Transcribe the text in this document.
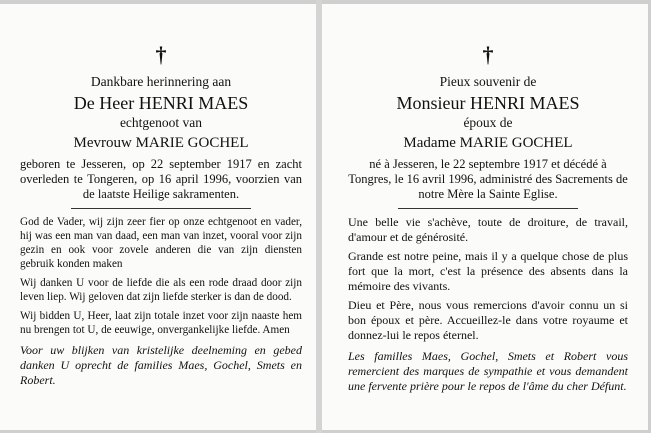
†
Dankbare herinnering aan
De Heer HENRI MAES
echtgenoot van
Mevrouw MARIE GOCHEL
geboren te Jesseren, op 22 september 1917 en zacht overleden te Tongeren, op 16 april 1996, voorzien van de laatste Heilige sakramenten.

God de Vader, wij zijn zeer fier op onze echtgenoot en vader, hij was een man van daad, een man van inzet, vooral voor zijn gezin en ook voor zovele anderen die van zijn diensten gebruik konden maken

Wij danken U voor de liefde die als een rode draad door zijn leven liep. Wij geloven dat zijn liefde sterker is dan de dood.

Wij bidden U, Heer, laat zijn totale inzet voor zijn naaste hem nu brengen tot U, de eeuwige, onvergankelijke liefde. Amen

Voor uw blijken van kristelijke deelneming en gebed danken U oprecht de families Maes, Gochel, Smets en Robert.
†
Pieux souvenir de
Monsieur HENRI MAES
époux de
Madame MARIE GOCHEL
né à Jesseren, le 22 septembre 1917 et décédé à Tongres, le 16 avril 1996, administré des Sacrements de notre Mère la Sainte Eglise.

Une belle vie s'achève, toute de droiture, de travail, d'amour et de générosité.

Grande est notre peine, mais il y a quelque chose de plus fort que la mort, c'est la présence des absents dans la mémoire des vivants.

Dieu et Père, nous vous remercions d'avoir connu un si bon époux et père. Accueillez-le dans votre royaume et donnez-lui le repos éternel.

Les familles Maes, Gochel, Smets et Robert vous remercient des marques de sympathie et vous demandent une fervente prière pour le repos de l'âme du cher Défunt.
